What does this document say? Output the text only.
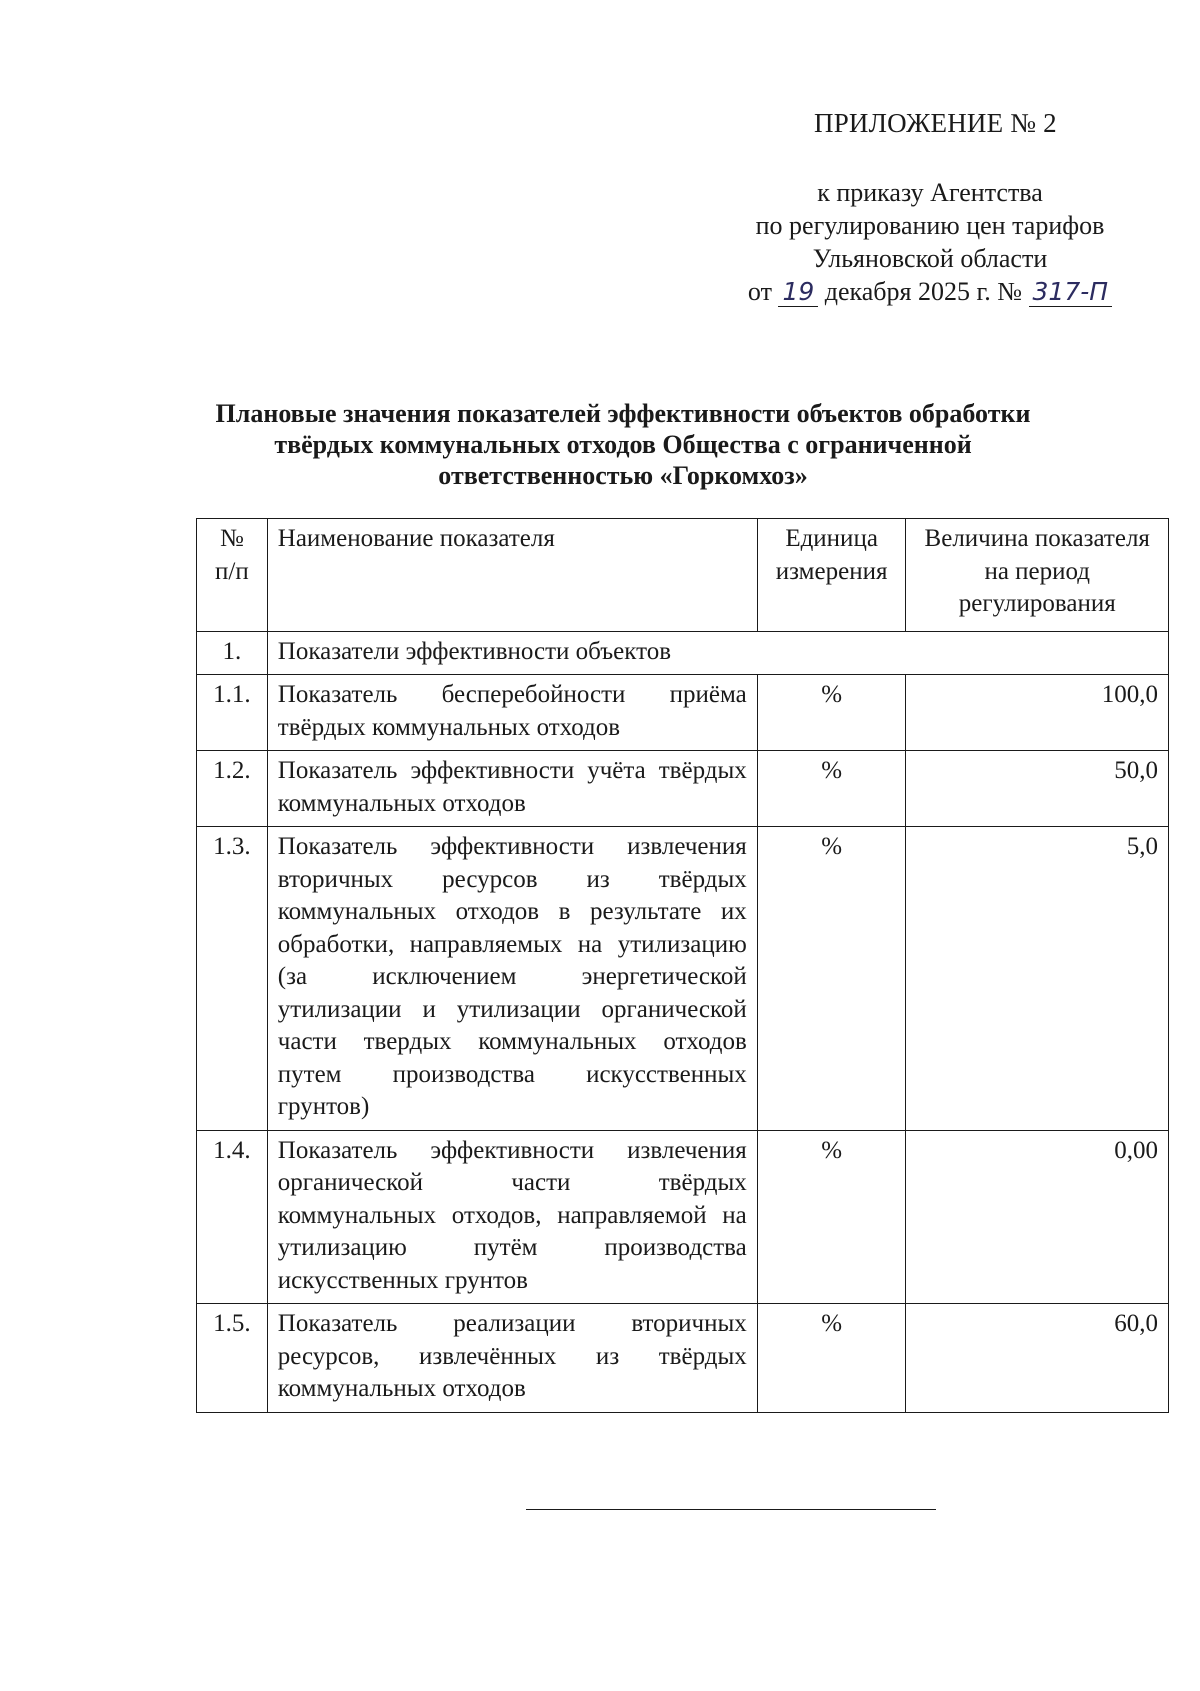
ПРИЛОЖЕНИЕ № 2
к приказу Агентства
по регулированию цен тарифов
Ульяновской области
от 19 декабря 2025 г. № 317-П
Плановые значения показателей эффективности объектов обработки
твёрдых коммунальных отходов Общества с ограниченной
ответственностью «Горкомхоз»
№ п/п	Наименование показателя	Единица измерения	Величина показателя на период регулирования
1.	Показатели эффективности объектов		
1.1.	Показатель бесперебойности приёма твёрдых коммунальных отходов	%	100,0
1.2.	Показатель эффективности учёта твёрдых коммунальных отходов	%	50,0
1.3.	Показатель эффективности извлечения вторичных ресурсов из твёрдых коммунальных отходов в результате их обработки, направляемых на утилизацию (за исключением энергетической утилизации и утилизации органической части твердых коммунальных отходов путем производства искусственных грунтов)	%	5,0
1.4.	Показатель эффективности извлечения органической части твёрдых коммунальных отходов, направляемой на утилизацию путём производства искусственных грунтов	%	0,00
1.5.	Показатель реализации вторичных ресурсов, извлечённых из твёрдых коммунальных отходов	%	60,0
